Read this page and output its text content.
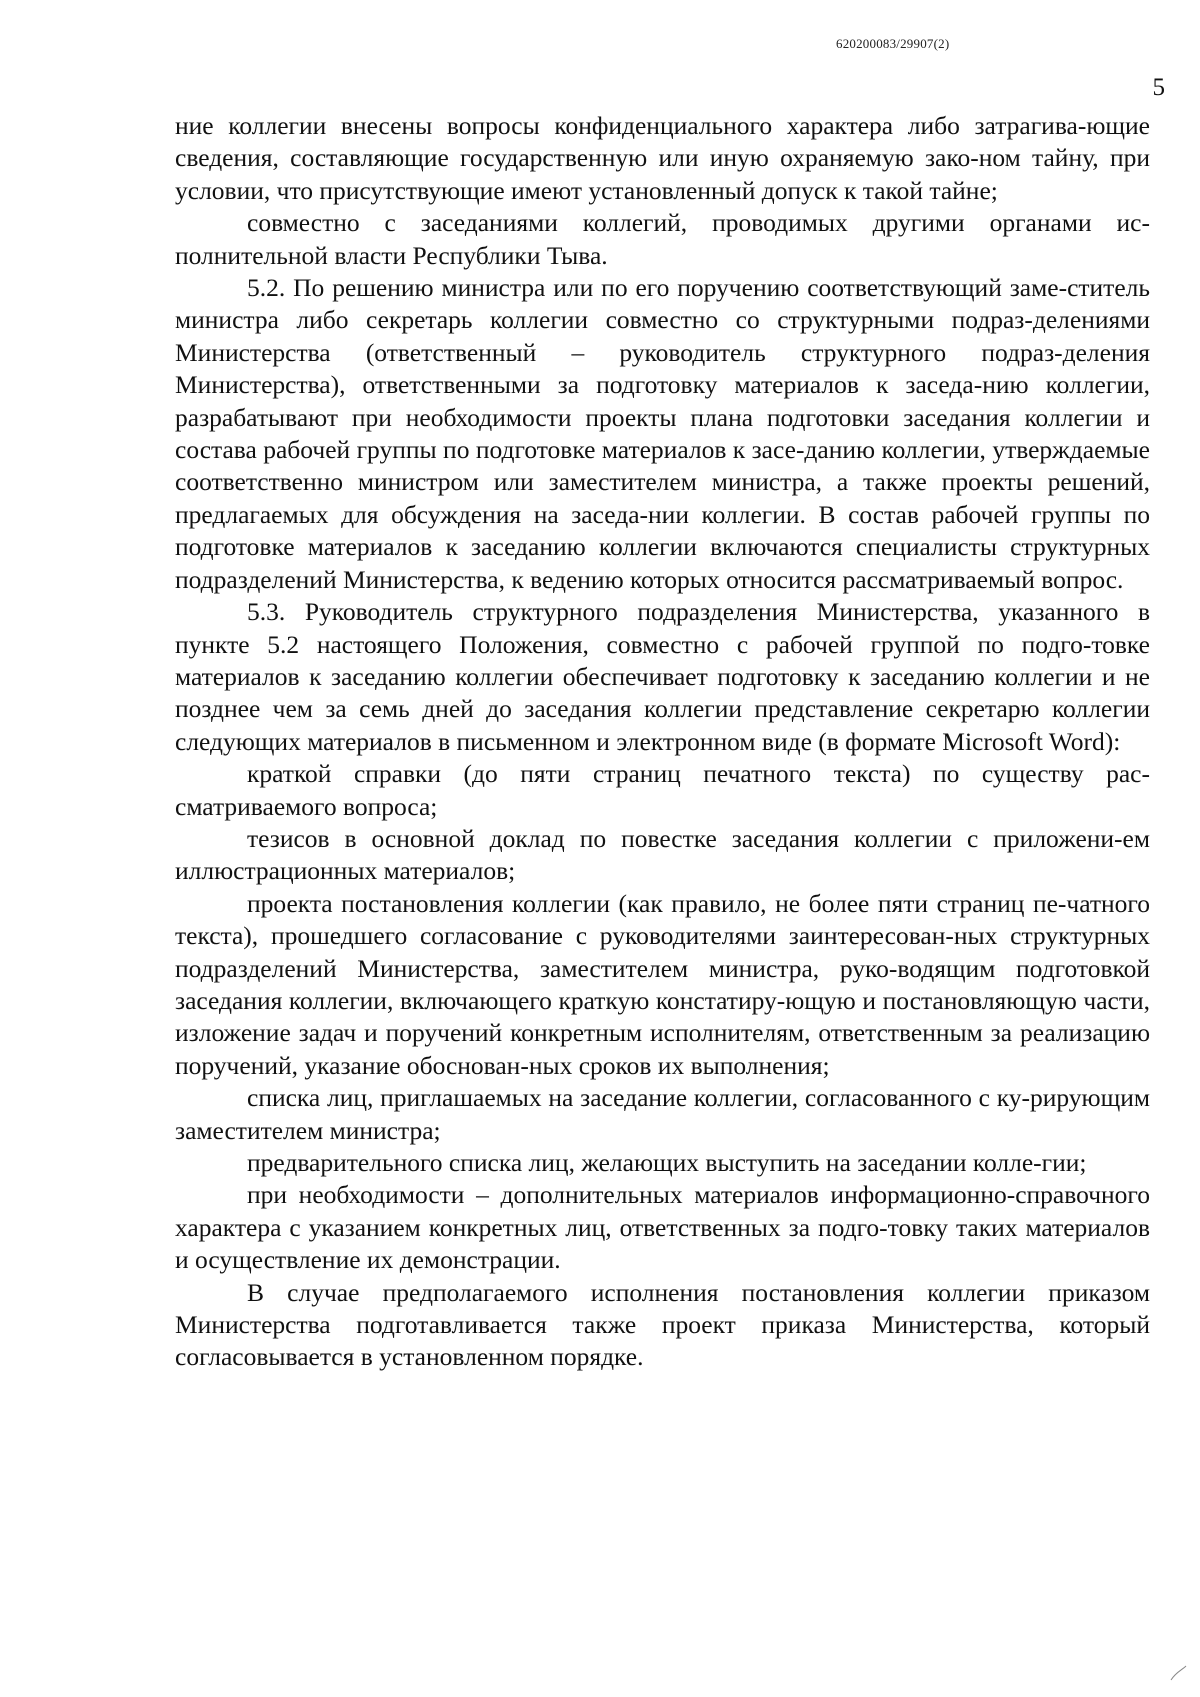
620200083/29907(2)
5

ние коллегии внесены вопросы конфиденциального характера либо затрагива-ющие сведения, составляющие государственную или иную охраняемую зако-ном тайну, при условии, что присутствующие имеют установленный допуск к такой тайне;

совместно с заседаниями коллегий, проводимых другими органами ис-полнительной власти Республики Тыва.

5.2. По решению министра или по его поручению соответствующий заме-ститель министра либо секретарь коллегии совместно со структурными подраз-делениями Министерства (ответственный – руководитель структурного подраз-деления Министерства), ответственными за подготовку материалов к заседа-нию коллегии, разрабатывают при необходимости проекты плана подготовки заседания коллегии и состава рабочей группы по подготовке материалов к засе-данию коллегии, утверждаемые соответственно министром или заместителем министра, а также проекты решений, предлагаемых для обсуждения на заседа-нии коллегии. В состав рабочей группы по подготовке материалов к заседанию коллегии включаются специалисты структурных подразделений Министерства, к ведению которых относится рассматриваемый вопрос.

5.3. Руководитель структурного подразделения Министерства, указанного в пункте 5.2 настоящего Положения, совместно с рабочей группой по подго-товке материалов к заседанию коллегии обеспечивает подготовку к заседанию коллегии и не позднее чем за семь дней до заседания коллегии представление секретарю коллегии следующих материалов в письменном и электронном виде (в формате Microsoft Word):

краткой справки (до пяти страниц печатного текста) по существу рас-сматриваемого вопроса;

тезисов в основной доклад по повестке заседания коллегии с приложени-ем иллюстрационных материалов;

проекта постановления коллегии (как правило, не более пяти страниц пе-чатного текста), прошедшего согласование с руководителями заинтересован-ных структурных подразделений Министерства, заместителем министра, руко-водящим подготовкой заседания коллегии, включающего краткую констатиру-ющую и постановляющую части, изложение задач и поручений конкретным исполнителям, ответственным за реализацию поручений, указание обоснован-ных сроков их выполнения;

списка лиц, приглашаемых на заседание коллегии, согласованного с ку-рирующим заместителем министра;

предварительного списка лиц, желающих выступить на заседании колле-гии;

при необходимости – дополнительных материалов информационно-справочного характера с указанием конкретных лиц, ответственных за подго-товку таких материалов и осуществление их демонстрации.

В случае предполагаемого исполнения постановления коллегии приказом Министерства подготавливается также проект приказа Министерства, который согласовывается в установленном порядке.
